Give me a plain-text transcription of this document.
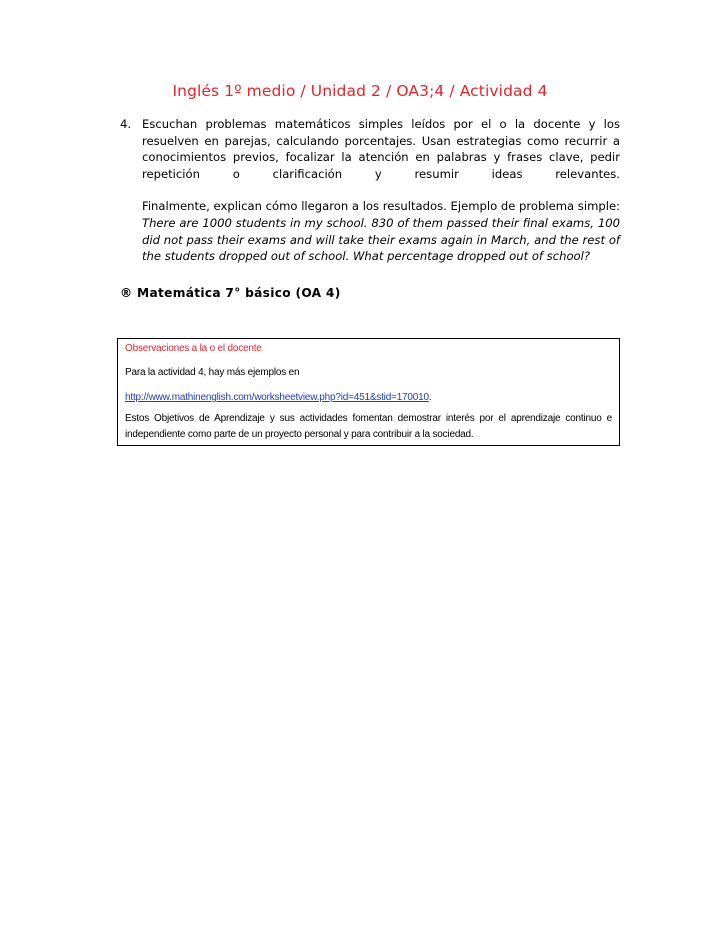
Inglés 1º medio / Unidad 2 / OA3;4 / Actividad 4
4. Escuchan problemas matemáticos simples leídos por el o la docente y los resuelven en parejas, calculando porcentajes. Usan estrategias como recurrir a conocimientos previos, focalizar la atención en palabras y frases clave, pedir repetición o clarificación y resumir ideas relevantes.

Finalmente, explican cómo llegaron a los resultados. Ejemplo de problema simple: There are 1000 students in my school. 830 of them passed their final exams, 100 did not pass their exams and will take their exams again in March, and the rest of the students dropped out of school. What percentage dropped out of school?

® Matemática 7° básico (OA 4)
Observaciones a la o el docente
Para la actividad 4, hay más ejemplos en
http://www.mathinenglish.com/worksheetview.php?id=451&stid=170010.
Estos Objetivos de Aprendizaje y sus actividades fomentan demostrar interés por el aprendizaje continuo e independiente como parte de un proyecto personal y para contribuir a la sociedad.
